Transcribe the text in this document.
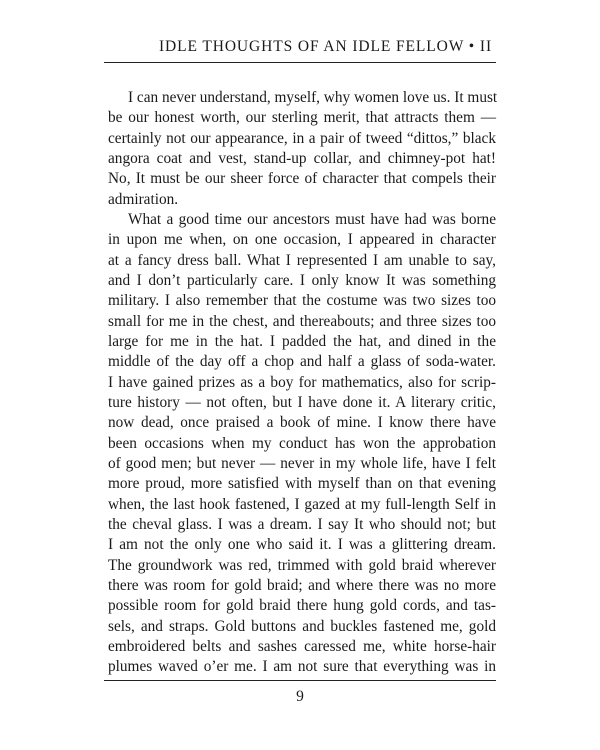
IDLE THOUGHTS OF AN IDLE FELLOW • II
I can never understand, myself, why women love us. It must
be our honest worth, our sterling merit, that attracts them —
certainly not our appearance, in a pair of tweed “dittos,” black
angora coat and vest, stand-up collar, and chimney-pot hat!
No, It must be our sheer force of character that compels their
admiration.
What a good time our ancestors must have had was borne
in upon me when, on one occasion, I appeared in character
at a fancy dress ball. What I represented I am unable to say,
and I don’t particularly care. I only know It was something
military. I also remember that the costume was two sizes too
small for me in the chest, and thereabouts; and three sizes too
large for me in the hat. I padded the hat, and dined in the
middle of the day off a chop and half a glass of soda-water.
I have gained prizes as a boy for mathematics, also for scrip-
ture history — not often, but I have done it. A literary critic,
now dead, once praised a book of mine. I know there have
been occasions when my conduct has won the approbation
of good men; but never — never in my whole life, have I felt
more proud, more satisfied with myself than on that evening
when, the last hook fastened, I gazed at my full-length Self in
the cheval glass. I was a dream. I say It who should not; but
I am not the only one who said it. I was a glittering dream.
The groundwork was red, trimmed with gold braid wherever
there was room for gold braid; and where there was no more
possible room for gold braid there hung gold cords, and tas-
sels, and straps. Gold buttons and buckles fastened me, gold
embroidered belts and sashes caressed me, white horse-hair
plumes waved o’er me. I am not sure that everything was in
9
